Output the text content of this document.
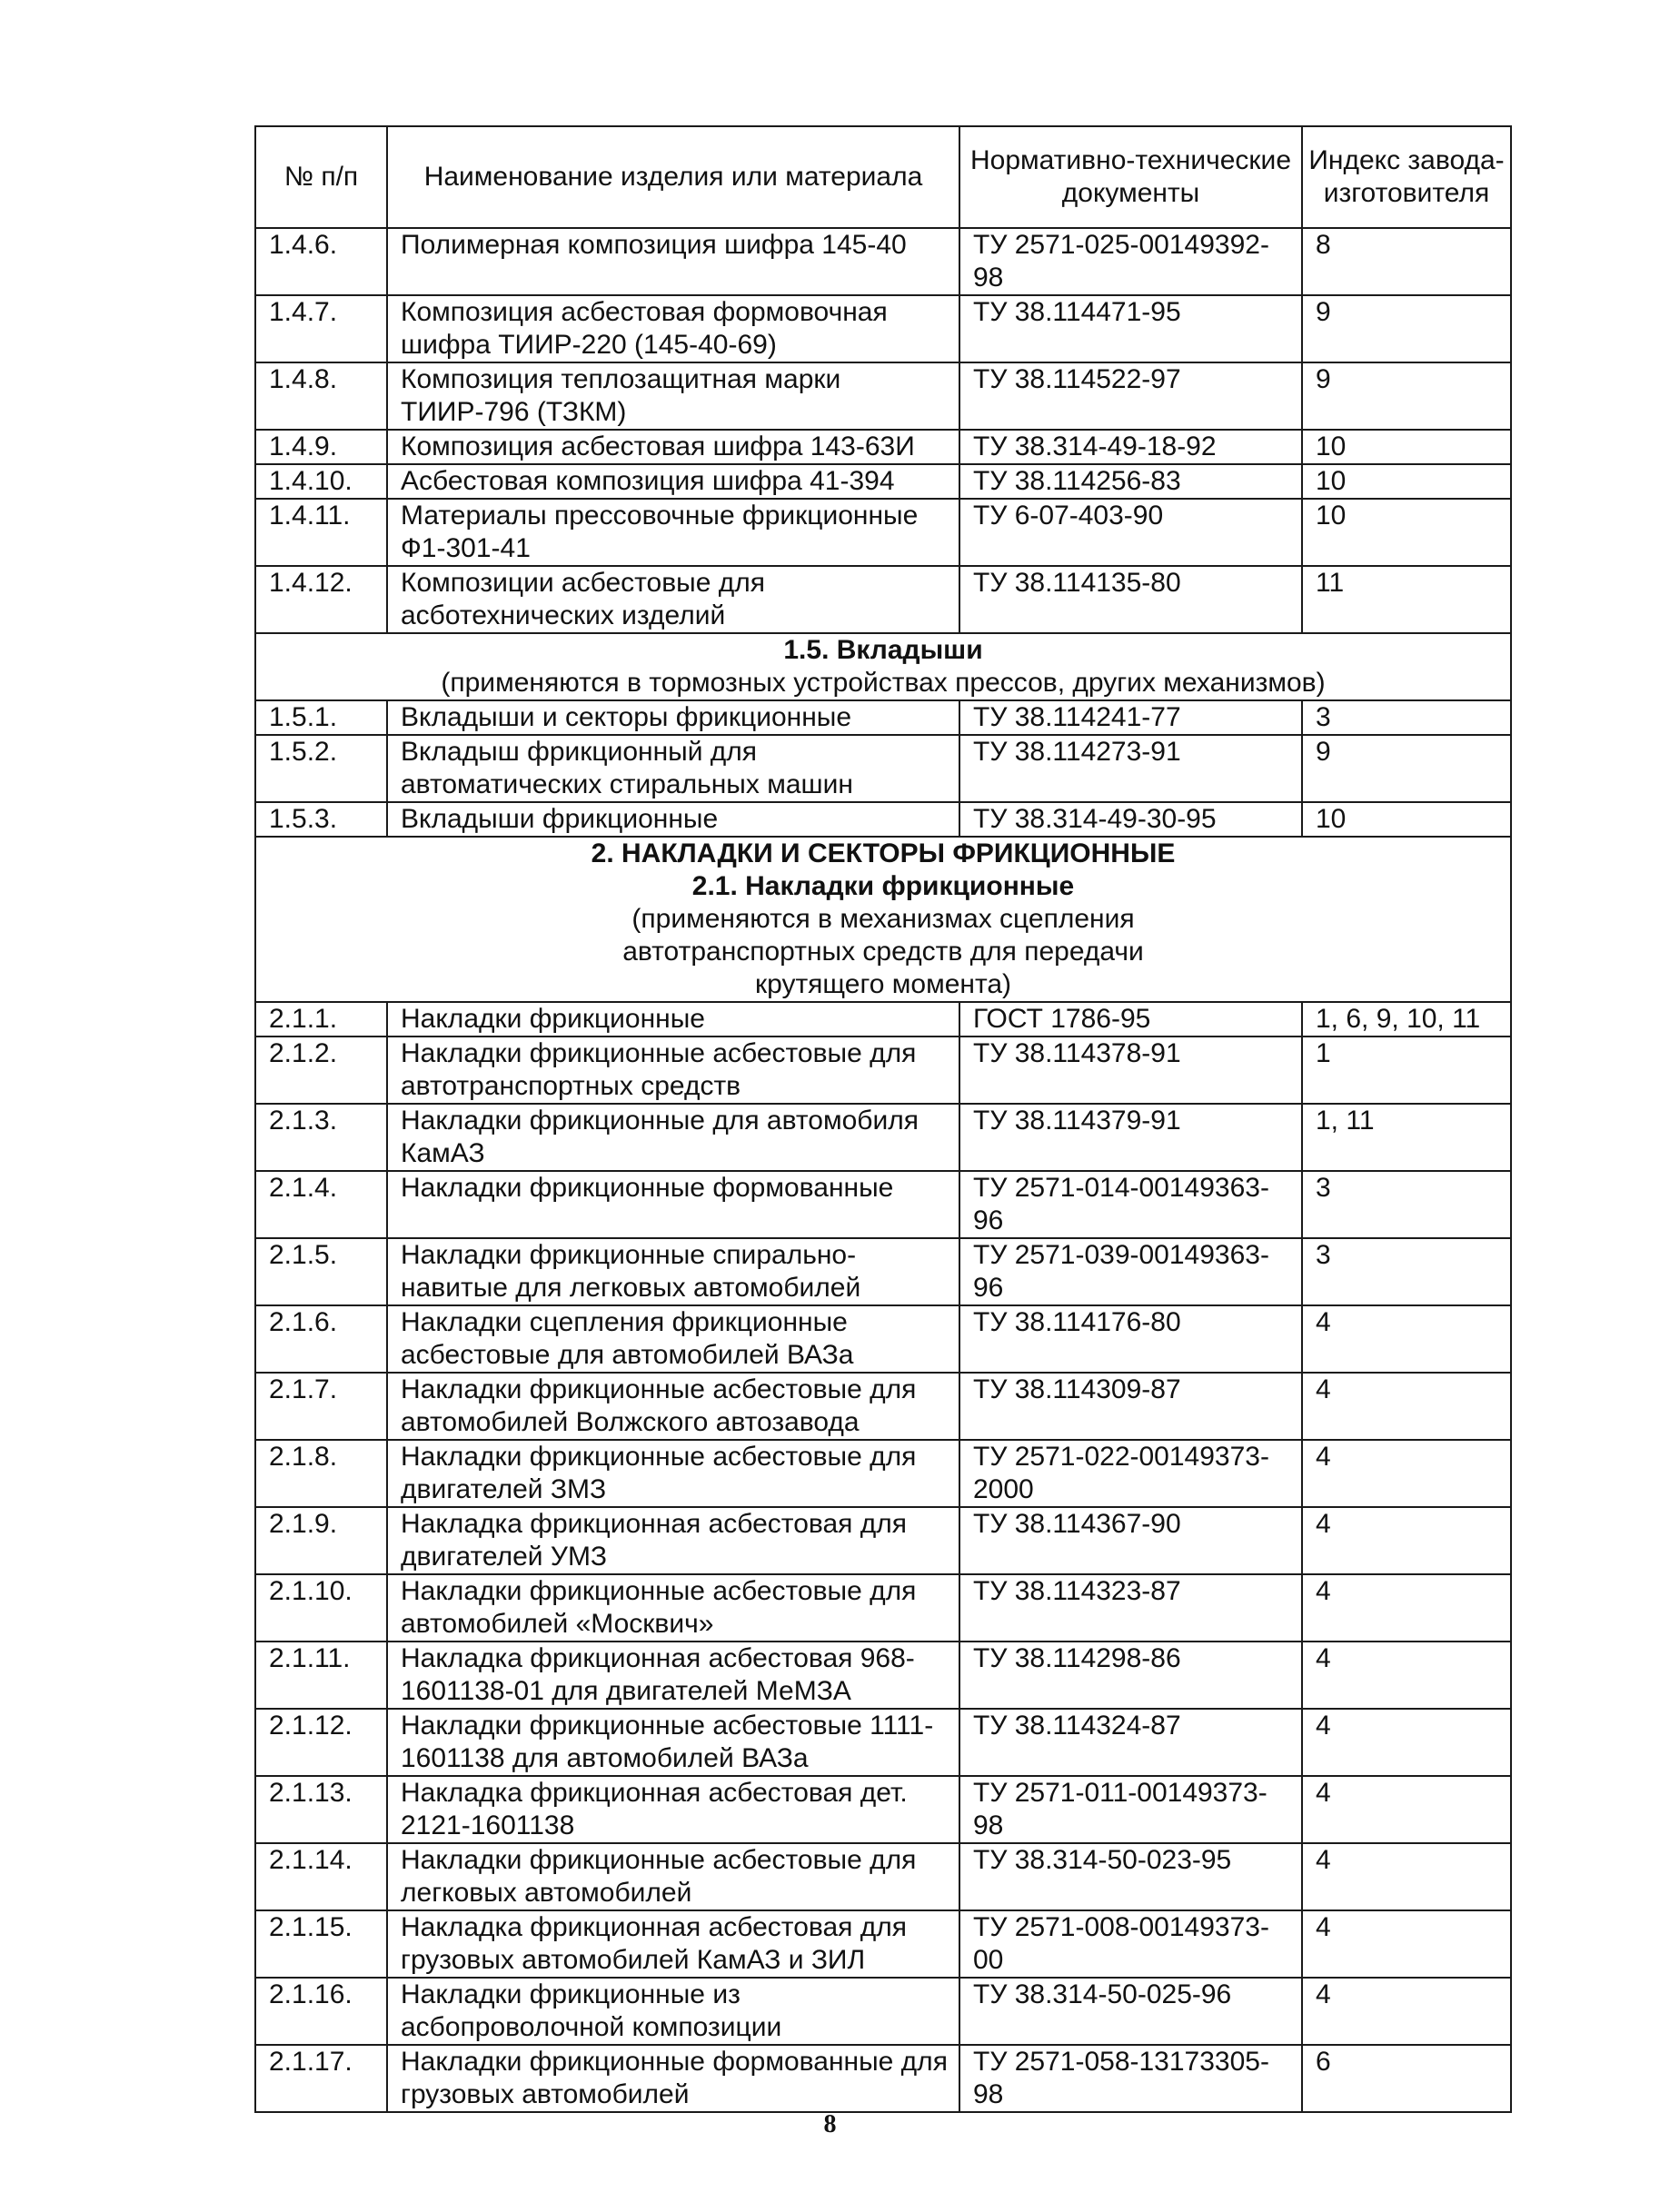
№ п/п	Наименование изделия или материала	Нормативно-технические документы	Индекс завода-изготовителя
1.4.6.	Полимерная композиция шифра 145-40	ТУ 2571-025-00149392-98	8
1.4.7.	Композиция асбестовая формовочная шифра ТИИР-220 (145-40-69)	ТУ 38.114471-95	9
1.4.8.	Композиция теплозащитная марки ТИИР-796 (ТЗКМ)	ТУ 38.114522-97	9
1.4.9.	Композиция асбестовая шифра 143-63И	ТУ 38.314-49-18-92	10
1.4.10.	Асбестовая композиция шифра 41-394	ТУ 38.114256-83	10
1.4.11.	Материалы прессовочные фрикционные Ф1-301-41	ТУ 6-07-403-90	10
1.4.12.	Композиции асбестовые для асботехнических изделий	ТУ 38.114135-80	11

1.5. Вкладыши
(применяются в тормозных устройствах прессов, других механизмов)			

1.5.1.	Вкладыши и секторы фрикционные	ТУ 38.114241-77	3
1.5.2.	Вкладыш фрикционный для автоматических стиральных машин	ТУ 38.114273-91	9
1.5.3.	Вкладыши фрикционные	ТУ 38.314-49-30-95	10

2. НАКЛАДКИ И СЕКТОРЫ ФРИКЦИОННЫЕ
2.1. Накладки фрикционные
(применяются в механизмах сцепления автотранспортных средств для передачи крутящего момента)			

2.1.1.	Накладки фрикционные	ГОСТ 1786-95	1, 6, 9, 10, 11
2.1.2.	Накладки фрикционные асбестовые для автотранспортных средств	ТУ 38.114378-91	1
2.1.3.	Накладки фрикционные для автомобиля КамАЗ	ТУ 38.114379-91	1, 11
2.1.4.	Накладки фрикционные формованные	ТУ 2571-014-00149363-96	3
2.1.5.	Накладки фрикционные спирально-навитые для легковых автомобилей	ТУ 2571-039-00149363-96	3
2.1.6.	Накладки сцепления фрикционные асбестовые для автомобилей ВАЗа	ТУ 38.114176-80	4
2.1.7.	Накладки фрикционные асбестовые для автомобилей Волжского автозавода	ТУ 38.114309-87	4
2.1.8.	Накладки фрикционные асбестовые для двигателей ЗМЗ	ТУ 2571-022-00149373-2000	4
2.1.9.	Накладка фрикционная асбестовая для двигателей УМЗ	ТУ 38.114367-90	4
2.1.10.	Накладки фрикционные асбестовые для автомобилей «Москвич»	ТУ 38.114323-87	4
2.1.11.	Накладка фрикционная асбестовая 968-1601138-01 для двигателей МеМЗА	ТУ 38.114298-86	4
2.1.12.	Накладки фрикционные асбестовые 1111-1601138 для автомобилей ВАЗа	ТУ 38.114324-87	4
2.1.13.	Накладка фрикционная асбестовая дет. 2121-1601138	ТУ 2571-011-00149373-98	4
2.1.14.	Накладки фрикционные асбестовые для легковых автомобилей	ТУ 38.314-50-023-95	4
2.1.15.	Накладка фрикционная асбестовая для грузовых автомобилей КамАЗ и ЗИЛ	ТУ 2571-008-00149373-00	4
2.1.16.	Накладки фрикционные из асбопроволочной композиции	ТУ 38.314-50-025-96	4
2.1.17.	Накладки фрикционные формованные для грузовых автомобилей	ТУ 2571-058-13173305-98	6
8
